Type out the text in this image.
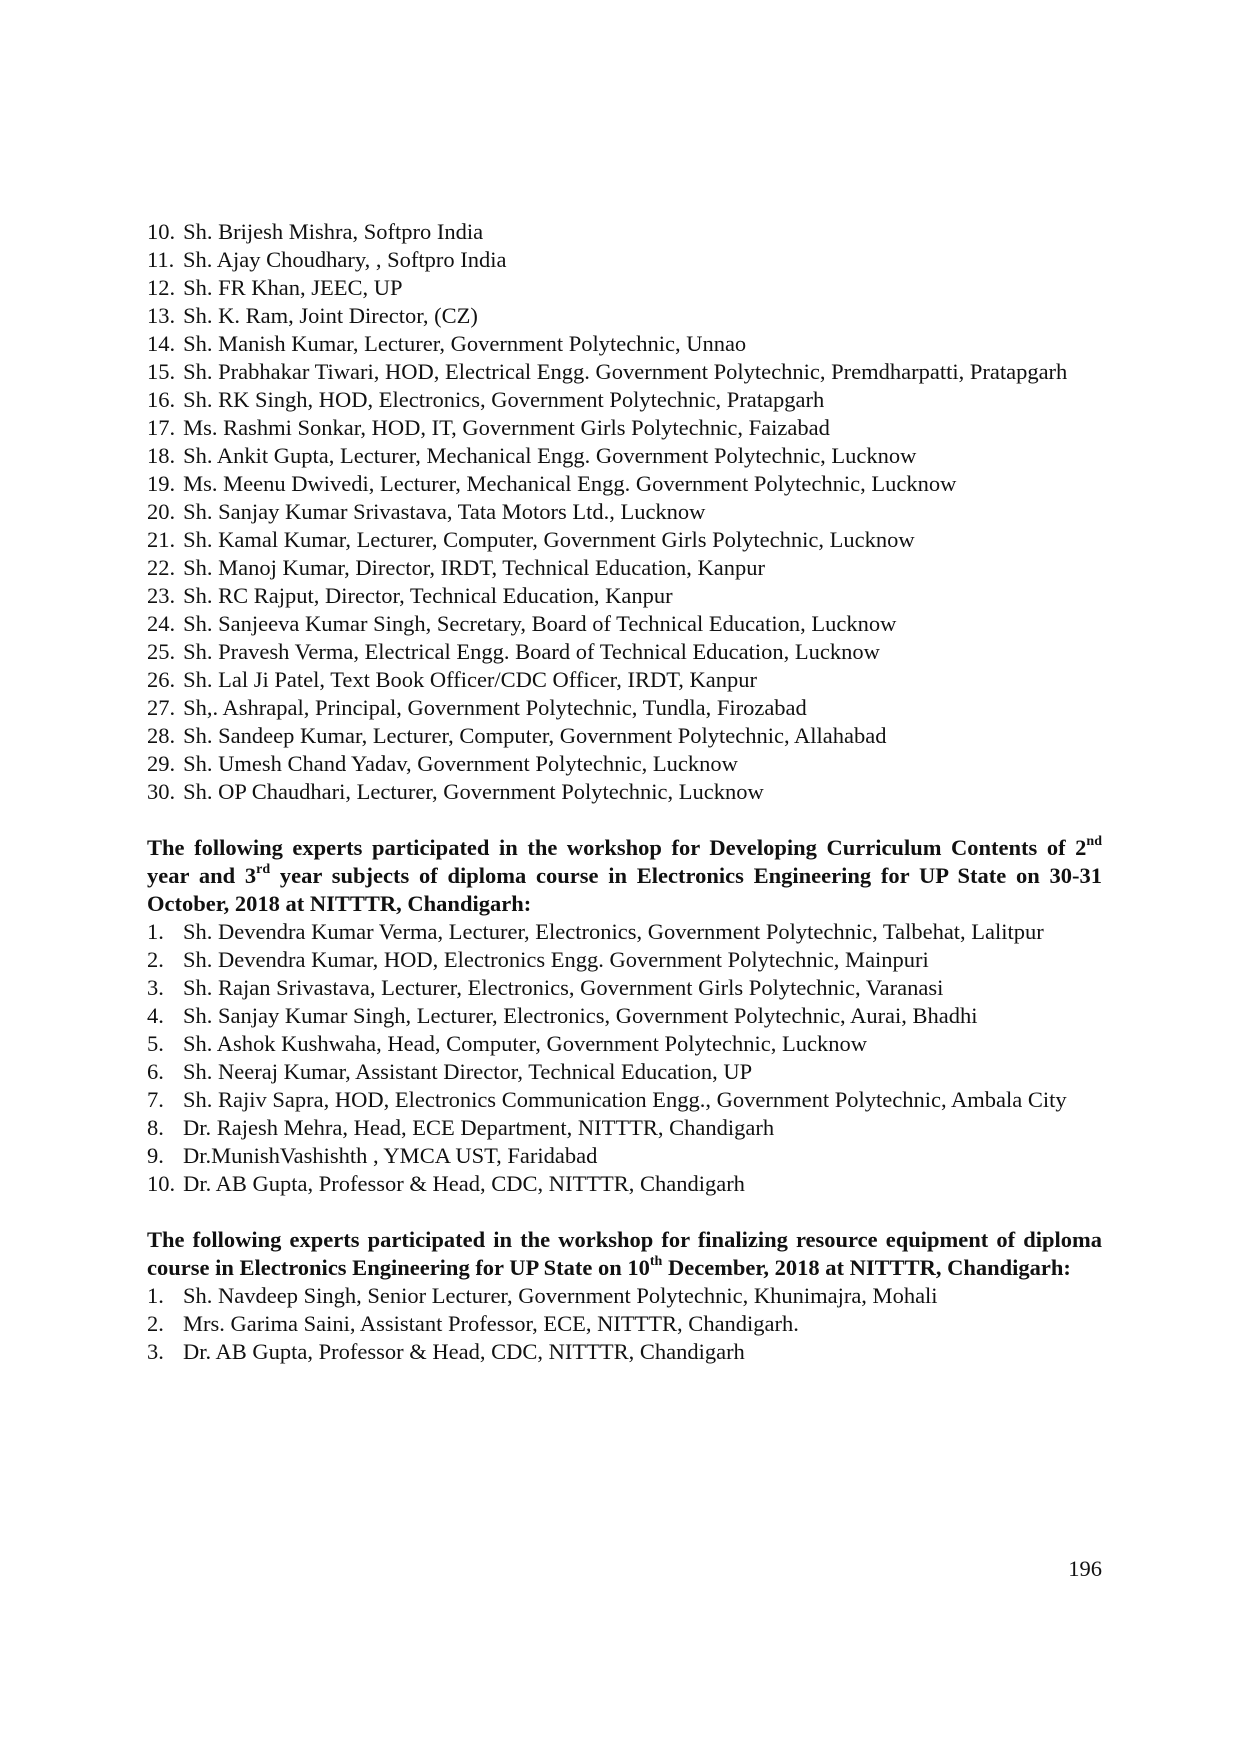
10. Sh. Brijesh Mishra, Softpro India
11. Sh. Ajay Choudhary, , Softpro India
12. Sh. FR Khan, JEEC, UP
13. Sh. K. Ram, Joint Director, (CZ)
14. Sh. Manish Kumar, Lecturer, Government Polytechnic, Unnao
15. Sh. Prabhakar Tiwari, HOD, Electrical Engg. Government Polytechnic, Premdharpatti, Pratapgarh
16. Sh. RK Singh, HOD, Electronics, Government Polytechnic, Pratapgarh
17. Ms. Rashmi Sonkar, HOD, IT, Government Girls Polytechnic, Faizabad
18. Sh. Ankit Gupta, Lecturer, Mechanical Engg. Government Polytechnic, Lucknow
19. Ms. Meenu Dwivedi, Lecturer, Mechanical Engg. Government Polytechnic, Lucknow
20. Sh. Sanjay Kumar Srivastava, Tata Motors Ltd., Lucknow
21. Sh. Kamal Kumar, Lecturer, Computer, Government Girls Polytechnic, Lucknow
22. Sh. Manoj Kumar, Director, IRDT, Technical Education, Kanpur
23. Sh. RC Rajput, Director, Technical Education, Kanpur
24. Sh. Sanjeeva Kumar Singh, Secretary, Board of Technical Education, Lucknow
25. Sh. Pravesh Verma, Electrical Engg. Board of Technical Education, Lucknow
26. Sh. Lal Ji Patel, Text Book Officer/CDC Officer, IRDT, Kanpur
27. Sh,. Ashrapal, Principal, Government Polytechnic, Tundla, Firozabad
28. Sh. Sandeep Kumar, Lecturer, Computer, Government Polytechnic, Allahabad
29. Sh. Umesh Chand Yadav, Government Polytechnic, Lucknow
30. Sh. OP Chaudhari, Lecturer, Government Polytechnic, Lucknow
The following experts participated in the workshop for Developing Curriculum Contents of 2nd year and 3rd year subjects of diploma course in Electronics Engineering for UP State on 30-31 October, 2018 at NITTTR, Chandigarh:
1. Sh. Devendra Kumar Verma, Lecturer, Electronics, Government Polytechnic, Talbehat, Lalitpur
2. Sh. Devendra Kumar, HOD, Electronics Engg. Government Polytechnic, Mainpuri
3. Sh. Rajan Srivastava, Lecturer, Electronics, Government Girls Polytechnic, Varanasi
4. Sh. Sanjay Kumar Singh, Lecturer, Electronics, Government Polytechnic, Aurai, Bhadhi
5. Sh. Ashok Kushwaha, Head, Computer, Government Polytechnic, Lucknow
6. Sh. Neeraj Kumar, Assistant Director, Technical Education, UP
7. Sh. Rajiv Sapra, HOD, Electronics Communication Engg., Government Polytechnic, Ambala City
8. Dr. Rajesh Mehra, Head, ECE Department, NITTTR, Chandigarh
9. Dr.MunishVashishth , YMCA UST, Faridabad
10. Dr. AB Gupta, Professor & Head, CDC, NITTTR, Chandigarh
The following experts participated in the workshop for finalizing resource equipment of diploma course in Electronics Engineering for UP State on 10th December, 2018 at NITTTR, Chandigarh:
1. Sh. Navdeep Singh, Senior Lecturer, Government Polytechnic, Khunimajra, Mohali
2. Mrs. Garima Saini, Assistant Professor, ECE, NITTTR, Chandigarh.
3. Dr. AB Gupta, Professor & Head, CDC, NITTTR, Chandigarh
196
